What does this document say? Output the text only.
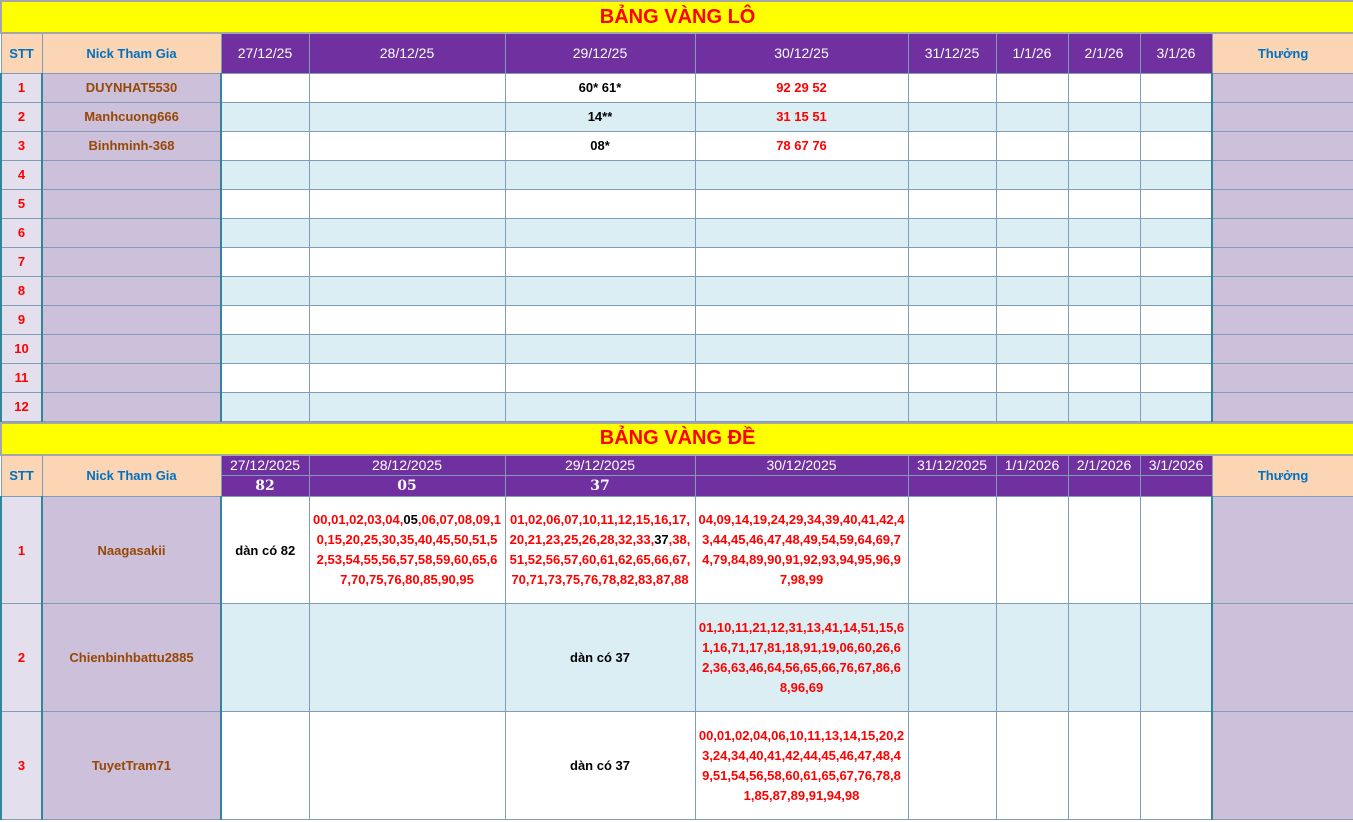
BẢNG VÀNG LÔ										
STT	Nick Tham Gia	27/12/25	28/12/25	29/12/25	30/12/25	31/12/25	1/1/26	2/1/26	3/1/26	Thưởng
1	DUYNHAT5530			60* 61*	92 29 52					
2	Manhcuong666			14**	31 15 51					
3	Binhminh-368			08*	78 67 76					
4										
5										
6										
7										
8										
9										
10										
11										
12										
BẢNG VÀNG ĐỀ										
STT	Nick Tham Gia	27/12/2025	28/12/2025	29/12/2025	30/12/2025	31/12/2025	1/1/2026	2/1/2026	3/1/2026	Thưởng
		82	05	37						
1	Naagasakii	dàn có 82	00,01,02,03,04,05,06,07,08,09,10,15,20,25,30,35,40,45,50,51,52,53,54,55,56,57,58,59,60,65,67,70,75,76,80,85,90,95	01,02,06,07,10,11,12,15,16,17,20,21,23,25,26,28,32,33,37,38,51,52,56,57,60,61,62,65,66,67,70,71,73,75,76,78,82,83,87,88	04,09,14,19,24,29,34,39,40,41,42,43,44,45,46,47,48,49,54,59,64,69,74,79,84,89,90,91,92,93,94,95,96,97,98,99					
2	Chienbinhbattu2885			dàn có 37	01,10,11,21,12,31,13,41,14,51,15,61,16,71,17,81,18,91,19,06,60,26,62,36,63,46,64,56,65,66,76,67,86,68,96,69					
3	TuyetTram71			dàn có 37	00,01,02,04,06,10,11,13,14,15,20,23,24,34,40,41,42,44,45,46,47,48,49,51,54,56,58,60,61,65,67,76,78,81,85,87,89,91,94,98					
